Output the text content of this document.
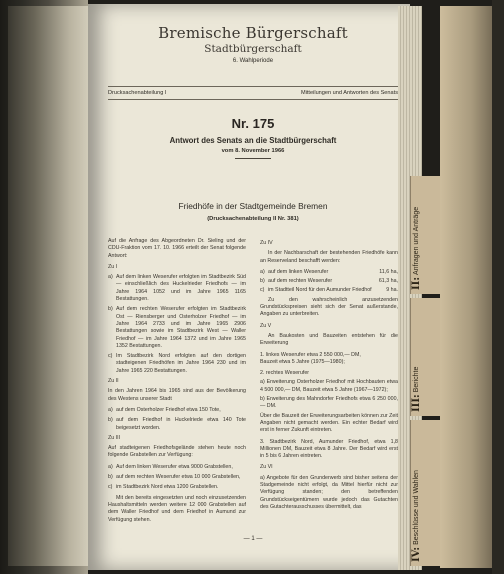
II: Anfragen und Anträge
III: Berichte
IV: Beschlüsse und Wahlen
Bremische Bürgerschaft
Stadtbürgerschaft
6. Wahlperiode
Drucksachenabteilung I	Mitteilungen und Antworten des Senats
Nr. 175
Antwort des Senats an die Stadtbürgerschaft
vom 8. November 1966
Friedhöfe in der Stadtgemeinde Bremen
(Drucksachenabteilung II Nr. 381)

Auf die Anfrage des Abgeordneten Dr. Sieling und der CDU-Fraktion vom 17. 10. 1966 erteilt der Senat folgende Antwort:

Zu I
a) Auf dem linken Weserufer erfolgten im Stadtbezirk Süd — einschließlich des Huckelrieder Friedhofs — im Jahre 1964 1052 und im Jahre 1965 1165 Bestattungen.
b) Auf dem rechten Weserufer erfolgten im Stadtbezirk Ost — Riensberger und Osterholzer Friedhof — im Jahre 1964 2733 und im Jahre 1965 2906 Bestattungen sowie im Stadtbezirk West — Waller Friedhof — im Jahre 1964 1372 und im Jahre 1965 1352 Bestattungen.
c) Im Stadtbezirk Nord erfolgten auf den dortigen stadteigenen Friedhöfen im Jahre 1964 230 und im Jahre 1965 220 Bestattungen.
Zu II

In den Jahren 1964 bis 1965 sind aus der Bevölkerung des Westens unserer Stadt

a) auf dem Osterholzer Friedhof etwa 150 Tote,
b) auf dem Friedhof in Huckelriede etwa 140 Tote beigesetzt worden.
Zu III

Auf stadteigenen Friedhofsgelände stehen heute noch folgende Grabstellen zur Verfügung:

a) Auf dem linken Weserufer etwa 9000 Grabstellen,
b) auf dem rechten Weserufer etwa 10 000 Grabstellen,
c) im Stadtbezirk Nord etwa 1200 Grabstellen.

Mit den bereits eingesetzten und noch einzusetzenden Haushaltsmitteln werden weitere 12 000 Grabstellen auf dem Waller Friedhof und dem Friedhof in Aumund zur Verfügung stehen.

Zu IV

In der Nachbarschaft der bestehenden Friedhöfe kann an Reserveland beschafft werden:

a) auf dem linken Weserufer	11,6 ha,
b) auf dem rechten Weserufer	61,3 ha,
c) im Stadtteil Nord für den Aumunder Friedhof	9 ha.

Zu den wahrscheinlich anzusetzenden Grundstückspreisen sieht sich der Senat außerstande, Angaben zu unterbreiten.

Zu V

An Baukosten und Bauzeiten entstehen für die Erweiterung

1. linkes Weserufer etwa 2 550 000,— DM,

Bauzeit etwa 5 Jahre (1975—1980);

2. rechtes Weserufer

a) Erweiterung Osterholzer Friedhof mit Hochbauten etwa 4 500 000,— DM, Bauzeit etwa 5 Jahre (1967—1972);

b) Erweiterung des Mahndorfer Friedhofs etwa 6 250 000,— DM.

Über die Bauzeit der Erweiterungsarbeiten können zur Zeit Angaben nicht gemacht werden. Ein echter Bedarf wird erst in ferner Zukunft eintreten.

3. Stadtbezirk Nord, Aumunder Friedhof, etwa 1,8 Millionen DM, Bauzeit etwa 8 Jahre. Der Bedarf wird erst in 5 bis 6 Jahren eintreten.

Zu VI

a) Angebote für den Grunderwerb sind bisher seitens der Stadgemeinde nicht erfolgt, da Mittel hierfür nicht zur Verfügung standen; den betreffenden Grundstückseigentümern wurde jedoch das Gutachten des Gutachterausschusses übermittelt, das

— 1 —
